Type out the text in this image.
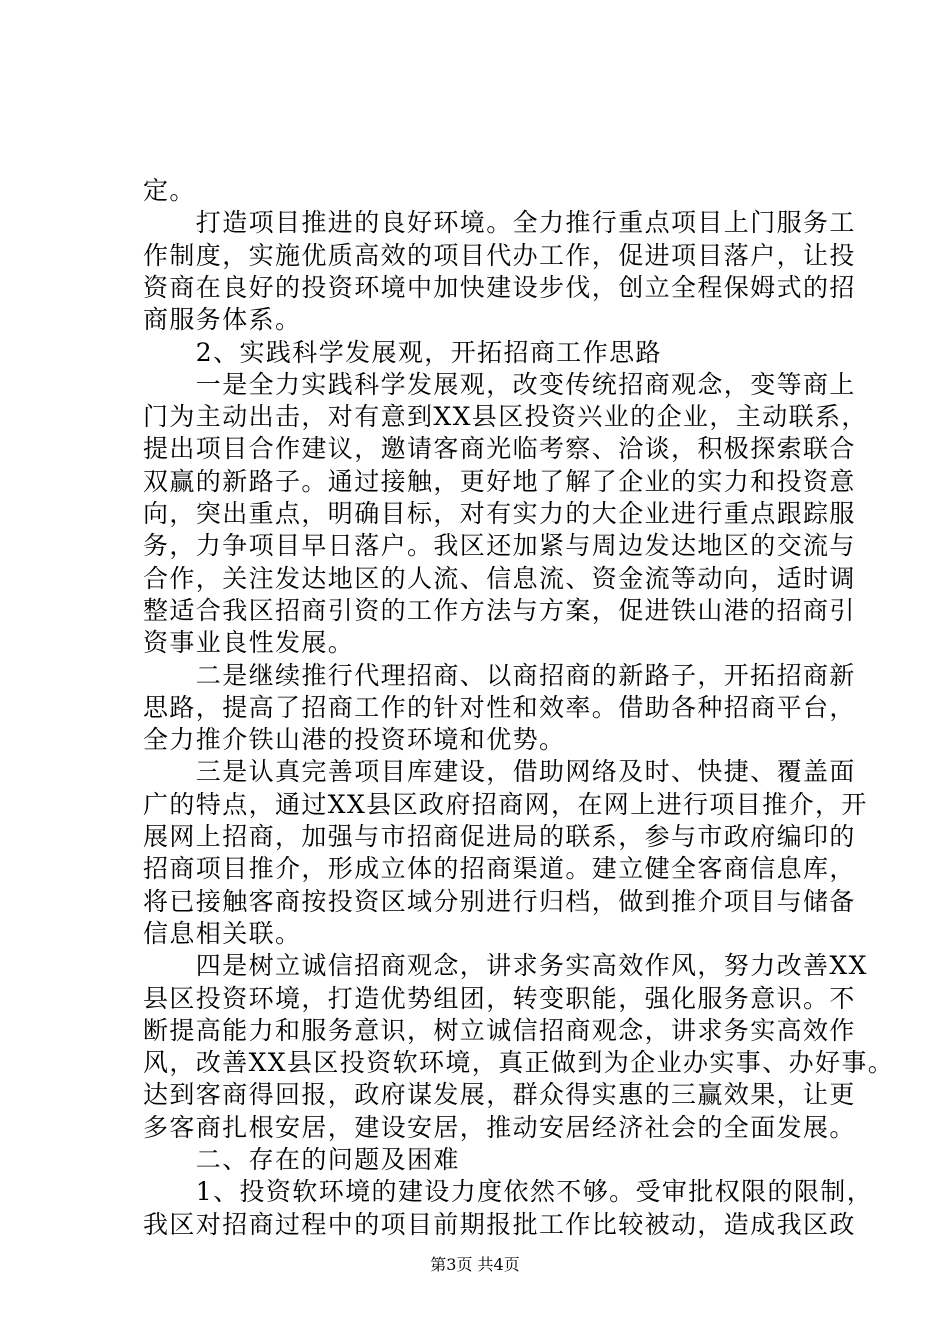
定。
　　打造项目推进的良好环境。全力推行重点项目上门服务工
作制度，实施优质高效的项目代办工作，促进项目落户，让投
资商在良好的投资环境中加快建设步伐，创立全程保姆式的招
商服务体系。
　　2、实践科学发展观，开拓招商工作思路
　　一是全力实践科学发展观，改变传统招商观念，变等商上
门为主动出击，对有意到XX县区投资兴业的企业，主动联系，
提出项目合作建议，邀请客商光临考察、洽谈，积极探索联合
双赢的新路子。通过接触，更好地了解了企业的实力和投资意
向，突出重点，明确目标，对有实力的大企业进行重点跟踪服
务，力争项目早日落户。我区还加紧与周边发达地区的交流与
合作，关注发达地区的人流、信息流、资金流等动向，适时调
整适合我区招商引资的工作方法与方案，促进铁山港的招商引
资事业良性发展。
　　二是继续推行代理招商、以商招商的新路子，开拓招商新
思路，提高了招商工作的针对性和效率。借助各种招商平台，
全力推介铁山港的投资环境和优势。
　　三是认真完善项目库建设，借助网络及时、快捷、覆盖面
广的特点，通过XX县区政府招商网，在网上进行项目推介，开
展网上招商，加强与市招商促进局的联系，参与市政府编印的
招商项目推介，形成立体的招商渠道。建立健全客商信息库，
将已接触客商按投资区域分别进行归档，做到推介项目与储备
信息相关联。
　　四是树立诚信招商观念，讲求务实高效作风，努力改善XX
县区投资环境，打造优势组团，转变职能，强化服务意识。不
断提高能力和服务意识，树立诚信招商观念，讲求务实高效作
风，改善XX县区投资软环境，真正做到为企业办实事、办好事。
达到客商得回报，政府谋发展，群众得实惠的三赢效果，让更
多客商扎根安居，建设安居，推动安居经济社会的全面发展。
　　二、存在的问题及困难
　　1、投资软环境的建设力度依然不够。受审批权限的限制，
我区对招商过程中的项目前期报批工作比较被动，造成我区政
第3页 共4页
